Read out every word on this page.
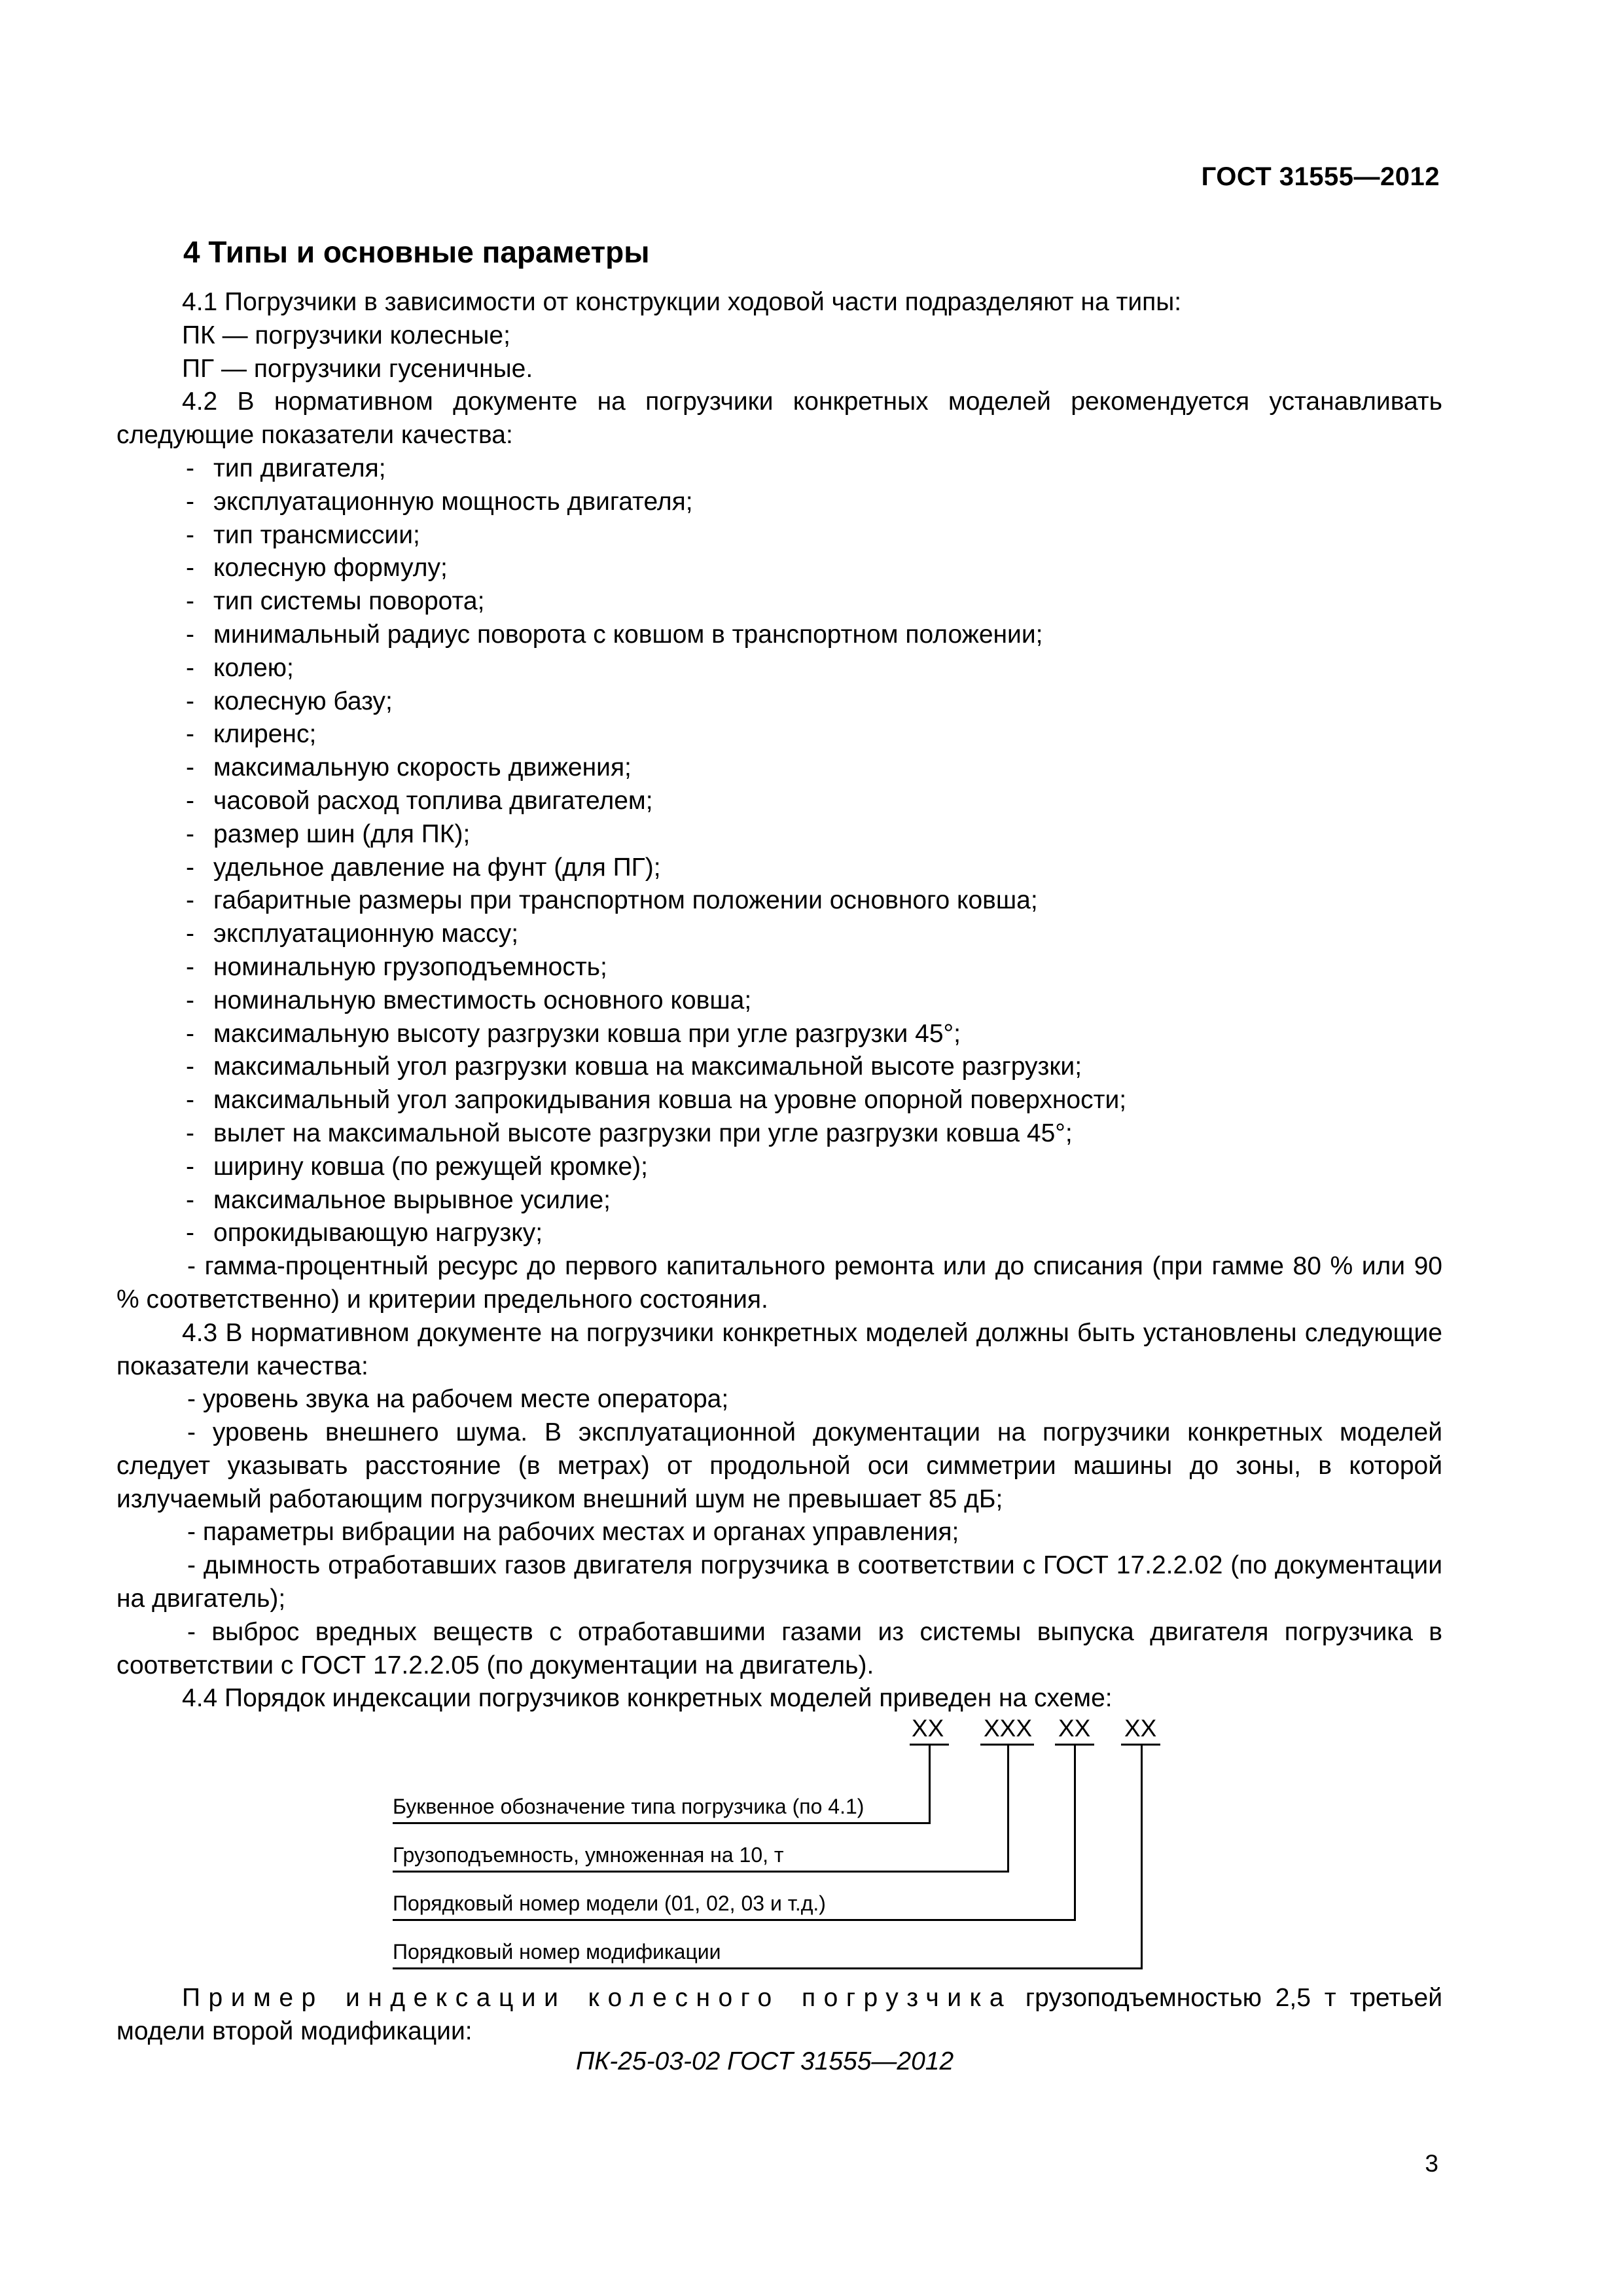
ГОСТ 31555—2012
4 Типы и основные параметры

4.1 Погрузчики в зависимости от конструкции ходовой части подразделяют на типы:

ПК — погрузчики колесные;

ПГ — погрузчики гусеничные.

4.2 В нормативном документе на погрузчики конкретных моделей рекомендуется устанавливать следующие показатели качества:

- тип двигателя;

- эксплуатационную мощность двигателя;

- тип трансмиссии;

- колесную формулу;

- тип системы поворота;

- минимальный радиус поворота с ковшом в транспортном положении;

- колею;

- колесную базу;

- клиренс;

- максимальную скорость движения;

- часовой расход топлива двигателем;

- размер шин (для ПК);

- удельное давление на фунт (для ПГ);

- габаритные размеры при транспортном положении основного ковша;

- эксплуатационную массу;

- номинальную грузоподъемность;

- номинальную вместимость основного ковша;

- максимальную высоту разгрузки ковша при угле разгрузки 45°;

- максимальный угол разгрузки ковша на максимальной высоте разгрузки;

- максимальный угол запрокидывания ковша на уровне опорной поверхности;

- вылет на максимальной высоте разгрузки при угле разгрузки ковша 45°;

- ширину ковша (по режущей кромке);

- максимальное вырывное усилие;

- опрокидывающую нагрузку;

- гамма-процентный ресурс до первого капитального ремонта или до списания (при гамме 80 % или 90 % соответственно) и критерии предельного состояния.

4.3 В нормативном документе на погрузчики конкретных моделей должны быть установлены следующие показатели качества:

- уровень звука на рабочем месте оператора;

- уровень внешнего шума. В эксплуатационной документации на погрузчики конкретных моделей следует указывать расстояние (в метрах) от продольной оси симметрии машины до зоны, в которой излучаемый работающим погрузчиком внешний шум не превышает 85 дБ;

- параметры вибрации на рабочих местах и органах управления;

- дымность отработавших газов двигателя погрузчика в соответствии с ГОСТ 17.2.2.02 (по документации на двигатель);

- выброс вредных веществ с отработавшими газами из системы выпуска двигателя погрузчика в соответствии с ГОСТ 17.2.2.05 (по документации на двигатель).

4.4 Порядок индексации погрузчиков конкретных моделей приведен на схеме:

ХХ ХХХ ХХ ХХ
Буквенное обозначение типа погрузчика (по 4.1)
Грузоподъемность, умноженная на 10, т
Порядковый номер модели (01, 02, 03 и т.д.)
Порядковый номер модификации

Пример индексации колесного погрузчика грузоподъемностью 2,5 т третьей модели второй модификации:

ПК-25-03-02 ГОСТ 31555—2012
3
